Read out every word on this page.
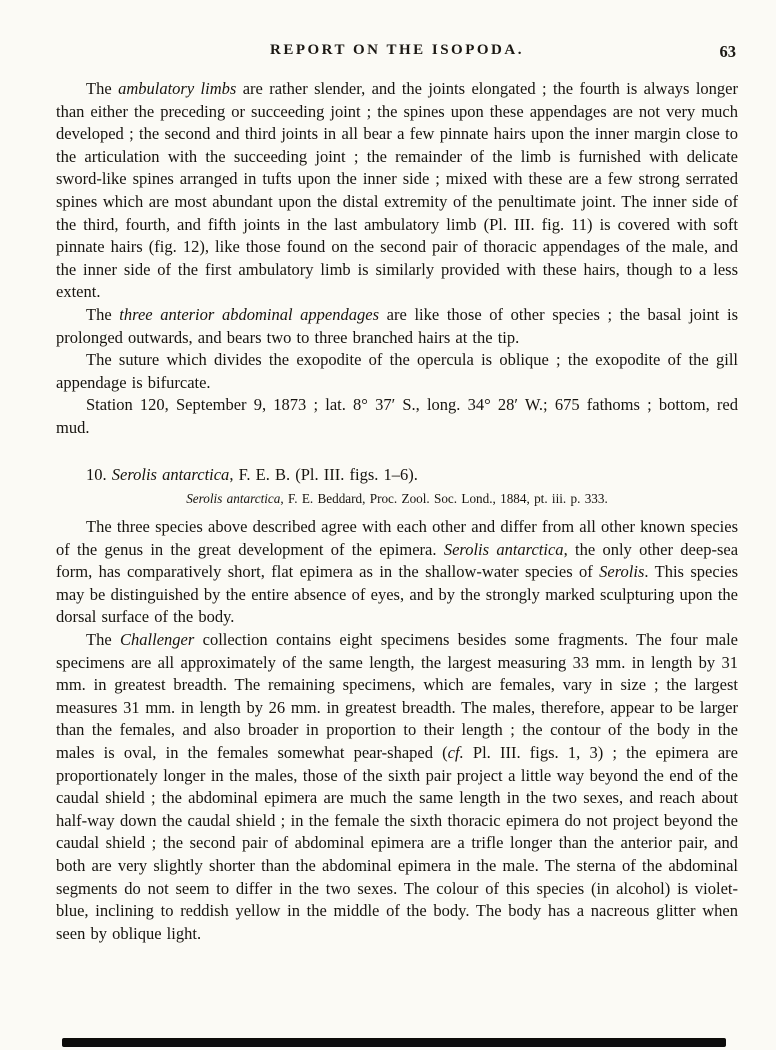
REPORT ON THE ISOPODA.	63

The ambulatory limbs are rather slender, and the joints elongated ; the fourth is always longer than either the preceding or succeeding joint ; the spines upon these appendages are not very much developed ; the second and third joints in all bear a few pinnate hairs upon the inner margin close to the articulation with the succeeding joint ; the remainder of the limb is furnished with delicate sword-like spines arranged in tufts upon the inner side ; mixed with these are a few strong serrated spines which are most abundant upon the distal extremity of the penultimate joint. The inner side of the third, fourth, and fifth joints in the last ambulatory limb (Pl. III. fig. 11) is covered with soft pinnate hairs (fig. 12), like those found on the second pair of thoracic appendages of the male, and the inner side of the first ambulatory limb is similarly provided with these hairs, though to a less extent.

The three anterior abdominal appendages are like those of other species ; the basal joint is prolonged outwards, and bears two to three branched hairs at the tip.

The suture which divides the exopodite of the opercula is oblique ; the exopodite of the gill appendage is bifurcate.

Station 120, September 9, 1873 ; lat. 8° 37′ S., long. 34° 28′ W.; 675 fathoms ; bottom, red mud.

10. Serolis antarctica, F. E. B. (Pl. III. figs. 1–6).

Serolis antarctica, F. E. Beddard, Proc. Zool. Soc. Lond., 1884, pt. iii. p. 333.

The three species above described agree with each other and differ from all other known species of the genus in the great development of the epimera. Serolis antarctica, the only other deep-sea form, has comparatively short, flat epimera as in the shallow-water species of Serolis. This species may be distinguished by the entire absence of eyes, and by the strongly marked sculpturing upon the dorsal surface of the body.

The Challenger collection contains eight specimens besides some fragments. The four male specimens are all approximately of the same length, the largest measuring 33 mm. in length by 31 mm. in greatest breadth. The remaining specimens, which are females, vary in size ; the largest measures 31 mm. in length by 26 mm. in greatest breadth. The males, therefore, appear to be larger than the females, and also broader in proportion to their length ; the contour of the body in the males is oval, in the females somewhat pear-shaped (cf. Pl. III. figs. 1, 3) ; the epimera are proportionately longer in the males, those of the sixth pair project a little way beyond the end of the caudal shield ; the abdominal epimera are much the same length in the two sexes, and reach about half-way down the caudal shield ; in the female the sixth thoracic epimera do not project beyond the caudal shield ; the second pair of abdominal epimera are a trifle longer than the anterior pair, and both are very slightly shorter than the abdominal epimera in the male. The sterna of the abdominal segments do not seem to differ in the two sexes. The colour of this species (in alcohol) is violet-blue, inclining to reddish yellow in the middle of the body. The body has a nacreous glitter when seen by oblique light.
